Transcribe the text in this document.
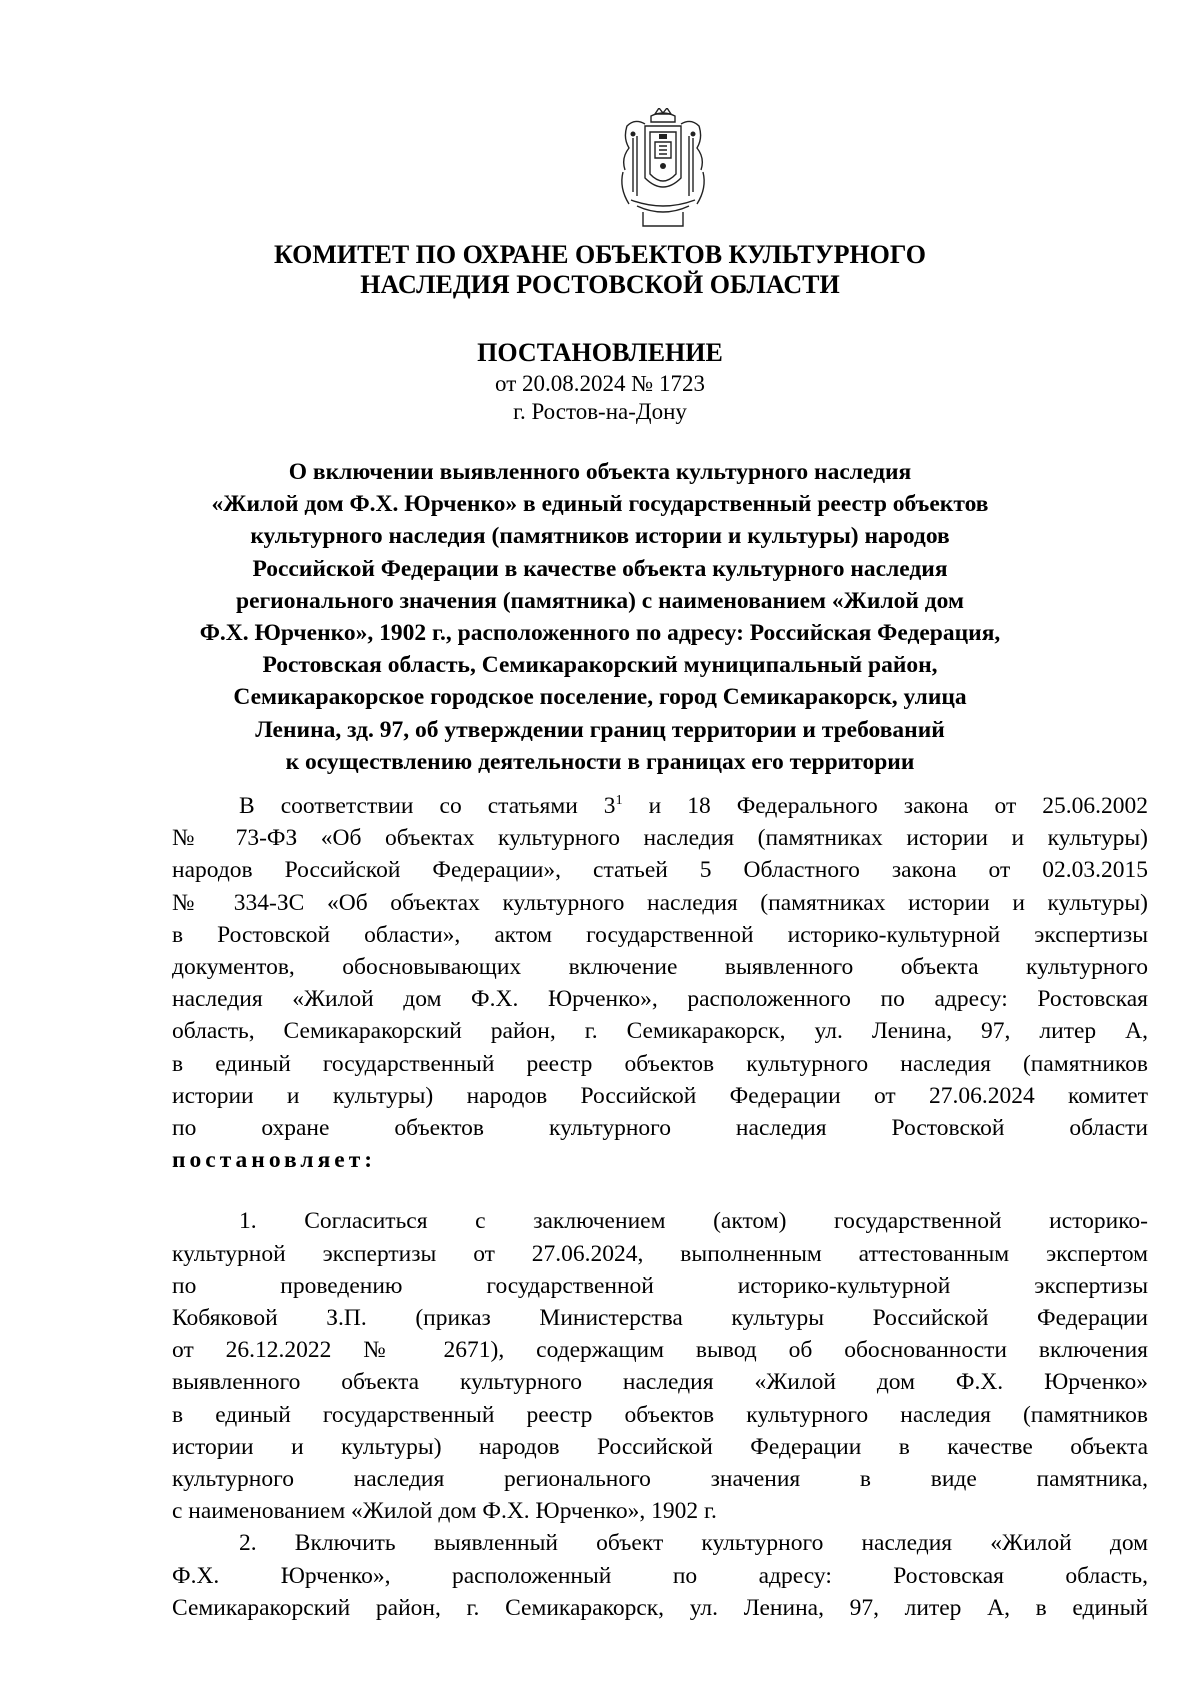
КОМИТЕТ ПО ОХРАНЕ ОБЪЕКТОВ КУЛЬТУРНОГО
НАСЛЕДИЯ РОСТОВСКОЙ ОБЛАСТИ
ПОСТАНОВЛЕНИЕ
от 20.08.2024 № 1723
г. Ростов-на-Дону
О включении выявленного объекта культурного наследия
«Жилой дом Ф.Х. Юрченко» в единый государственный реестр объектов
культурного наследия (памятников истории и культуры) народов
Российской Федерации в качестве объекта культурного наследия
регионального значения (памятника) с наименованием «Жилой дом
Ф.Х. Юрченко», 1902 г., расположенного по адресу: Российская Федерация,
Ростовская область, Семикаракорский муниципальный район,
Семикаракорское городское поселение, город Семикаракорск, улица
Ленина, зд. 97, об утверждении границ территории и требований
к осуществлению деятельности в границах его территории
В соответствии со статьями $3^1$ и 18 Федерального закона от 25.06.2002
№ 73-ФЗ «Об объектах культурного наследия (памятниках истории и культуры)
народов Российской Федерации», статьей 5 Областного закона от 02.03.2015
№ 334-ЗС «Об объектах культурного наследия (памятниках истории и культуры)
в Ростовской области», актом государственной историко-культурной экспертизы
документов, обосновывающих включение выявленного объекта культурного
наследия «Жилой дом Ф.Х. Юрченко», расположенного по адресу: Ростовская
область, Семикаракорский район, г. Семикаракорск, ул. Ленина, 97, литер А,
в единый государственный реестр объектов культурного наследия (памятников
истории и культуры) народов Российской Федерации от 27.06.2024 комитет
по охране объектов культурного наследия Ростовской области
постановляет:
1. Согласиться с заключением (актом) государственной историко-
культурной экспертизы от 27.06.2024, выполненным аттестованным экспертом
по проведению государственной историко-культурной экспертизы
Кобяковой З.П. (приказ Министерства культуры Российской Федерации
от 26.12.2022 № 2671), содержащим вывод об обоснованности включения
выявленного объекта культурного наследия «Жилой дом Ф.Х. Юрченко»
в единый государственный реестр объектов культурного наследия (памятников
истории и культуры) народов Российской Федерации в качестве объекта
культурного наследия регионального значения в виде памятника,
с наименованием «Жилой дом Ф.Х. Юрченко», 1902 г.
2. Включить выявленный объект культурного наследия «Жилой дом
Ф.Х. Юрченко», расположенный по адресу: Ростовская область,
Семикаракорский район, г. Семикаракорск, ул. Ленина, 97, литер А, в единый
